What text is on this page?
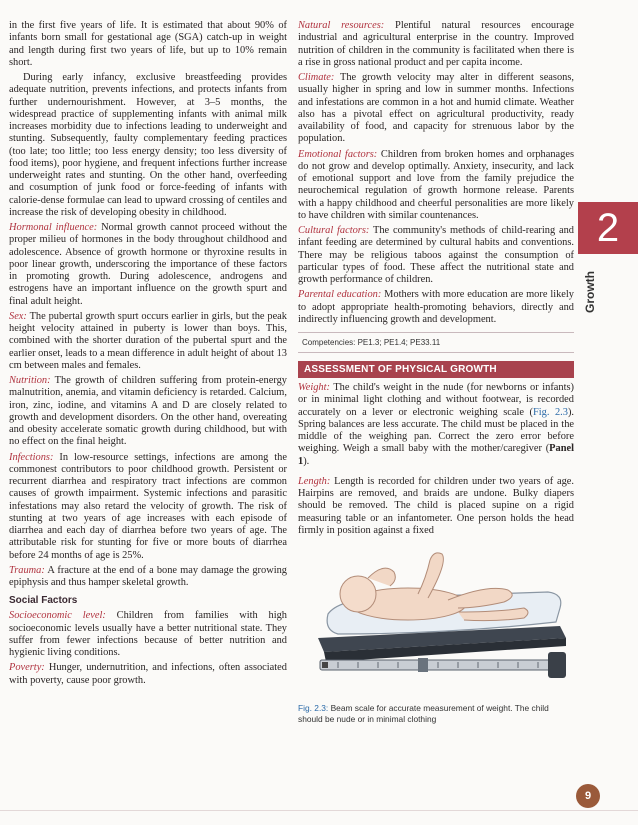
in the first five years of life. It is estimated that about 90% of infants born small for gestational age (SGA) catch-up in weight and length during first two years of life, but up to 10% remain short.

During early infancy, exclusive breastfeeding provides adequate nutrition, prevents infections, and protects infants from further undernourishment. However, at 3–5 months, the widespread practice of supplementing infants with animal milk increases morbidity due to infections leading to underweight and stunting. Subsequently, faulty complementary feeding practices (too late; too little; too less energy density; too less diversity of food items), poor hygiene, and frequent infections further increase underweight rates and stunting. On the other hand, overfeeding and cosumption of junk food or force-feeding of infants with calorie-dense formulae can lead to upward crossing of centiles and increase the risk of developing obesity in childhood.

Hormonal influence: Normal growth cannot proceed without the proper milieu of hormones in the body throughout childhood and adolescence. Absence of growth hormone or thyroxine results in poor linear growth, underscoring the importance of these factors in promoting growth. During adolescence, androgens and estrogens have an important influence on the growth spurt and final adult height.

Sex: The pubertal growth spurt occurs earlier in girls, but the peak height velocity attained in puberty is lower than boys. This, combined with the shorter duration of the pubertal spurt and the earlier onset, leads to a mean difference in adult height of about 13 cm between males and females.

Nutrition: The growth of children suffering from protein-energy malnutrition, anemia, and vitamin deficiency is retarded. Calcium, iron, zinc, iodine, and vitamins A and D are closely related to growth and development disorders. On the other hand, overeating and obesity accelerate somatic growth during childhood, but with no effect on the final height.

Infections: In low-resource settings, infections are among the commonest contributors to poor childhood growth. Persistent or recurrent diarrhea and respiratory tract infections are common causes of growth impairment. Systemic infections and parasitic infestations may also retard the velocity of growth. The risk of stunting at two years of age increases with each episode of diarrhea and each day of diarrhea before two years of age. The attributable risk for stunting for five or more bouts of diarrhea before 24 months of age is 25%.

Trauma: A fracture at the end of a bone may damage the growing epiphysis and thus hamper skeletal growth.

Social Factors

Socioeconomic level: Children from families with high socioeconomic levels usually have a better nutritional state. They suffer from fewer infections because of better nutrition and hygienic living conditions.

Poverty: Hunger, undernutrition, and infections, often associated with poverty, cause poor growth.

Natural resources: Plentiful natural resources encourage industrial and agricultural enterprise in the country. Improved nutrition of children in the community is facilitated when there is a rise in gross national product and per capita income.

Climate: The growth velocity may alter in different seasons, usually higher in spring and low in summer months. Infections and infestations are common in a hot and humid climate. Weather also has a pivotal effect on agricultural productivity, ready availability of food, and capacity for strenuous labor by the population.

Emotional factors: Children from broken homes and orphanages do not grow and develop optimally. Anxiety, insecurity, and lack of emotional support and love from the family prejudice the neurochemical regulation of growth hormone release. Parents with a happy childhood and cheerful personalities are more likely to have children with similar countenances.

Cultural factors: The community's methods of child-rearing and infant feeding are determined by cultural habits and conventions. There may be religious taboos against the consumption of particular types of food. These affect the nutritional state and growth performance of children.

Parental education: Mothers with more education are more likely to adopt appropriate health-promoting behaviors, directly and indirectly influencing growth and development.

Competencies: PE1.3; PE1.4; PE33.11
ASSESSMENT OF PHYSICAL GROWTH

Weight: The child's weight in the nude (for newborns or infants) or in minimal light clothing and without footwear, is recorded accurately on a lever or electronic weighing scale (Fig. 2.3). Spring balances are less accurate. The child must be placed in the middle of the weighing pan. Correct the zero error before weighing. Weigh a small baby with the mother/caregiver (Panel 1).

Length: Length is recorded for children under two years of age. Hairpins are removed, and braids are undone. Bulky diapers should be removed. The child is placed supine on a rigid measuring table or an infantometer. One person holds the head firmly in position against a fixed

Fig. 2.3: Beam scale for accurate measurement of weight. The child should be nude or in minimal clothing
2
Growth
9
